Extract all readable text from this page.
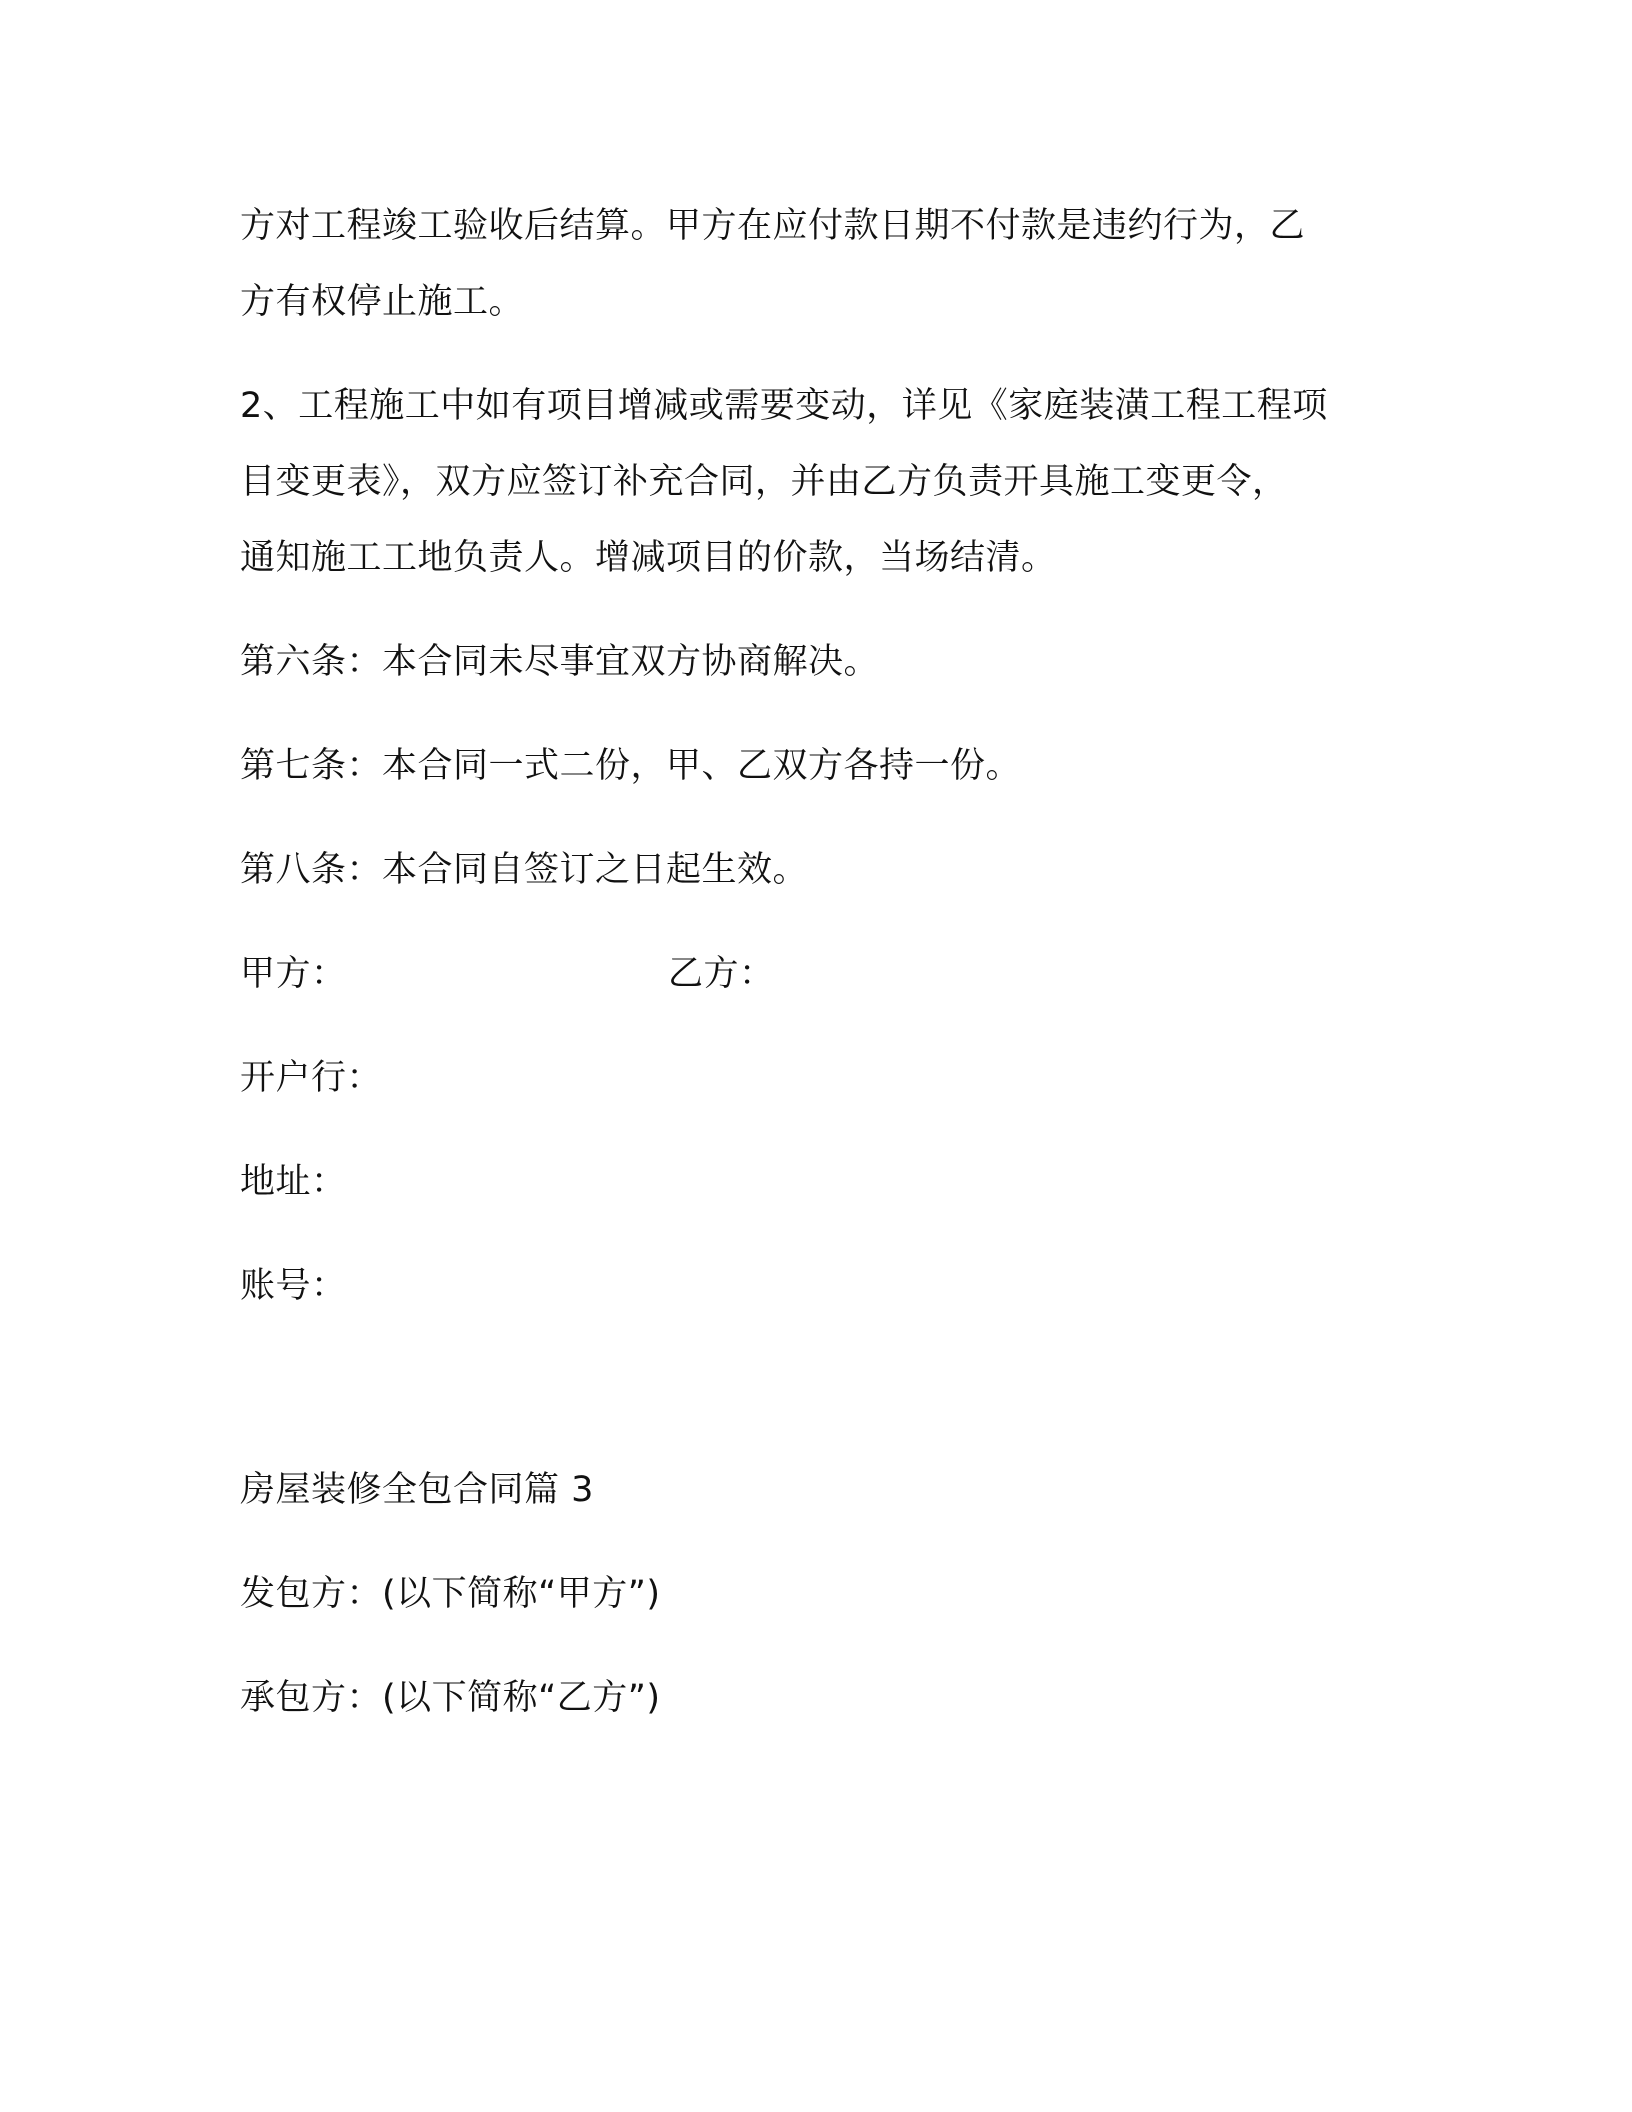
方对工程竣工验收后结算。甲方在应付款日期不付款是违约行为，乙

方有权停止施工。

2、工程施工中如有项目增减或需要变动，详见《家庭装潢工程工程项

目变更表》，双方应签订补充合同，并由乙方负责开具施工变更令，

通知施工工地负责人。增减项目的价款，当场结清。

第六条：本合同未尽事宜双方协商解决。

第七条：本合同一式二份，甲、乙双方各持一份。

第八条：本合同自签订之日起生效。

甲方：	乙方：

开户行：

地址：

账号：

房屋装修全包合同篇 3

发包方：(以下简称“甲方”)

承包方：(以下简称“乙方”)
